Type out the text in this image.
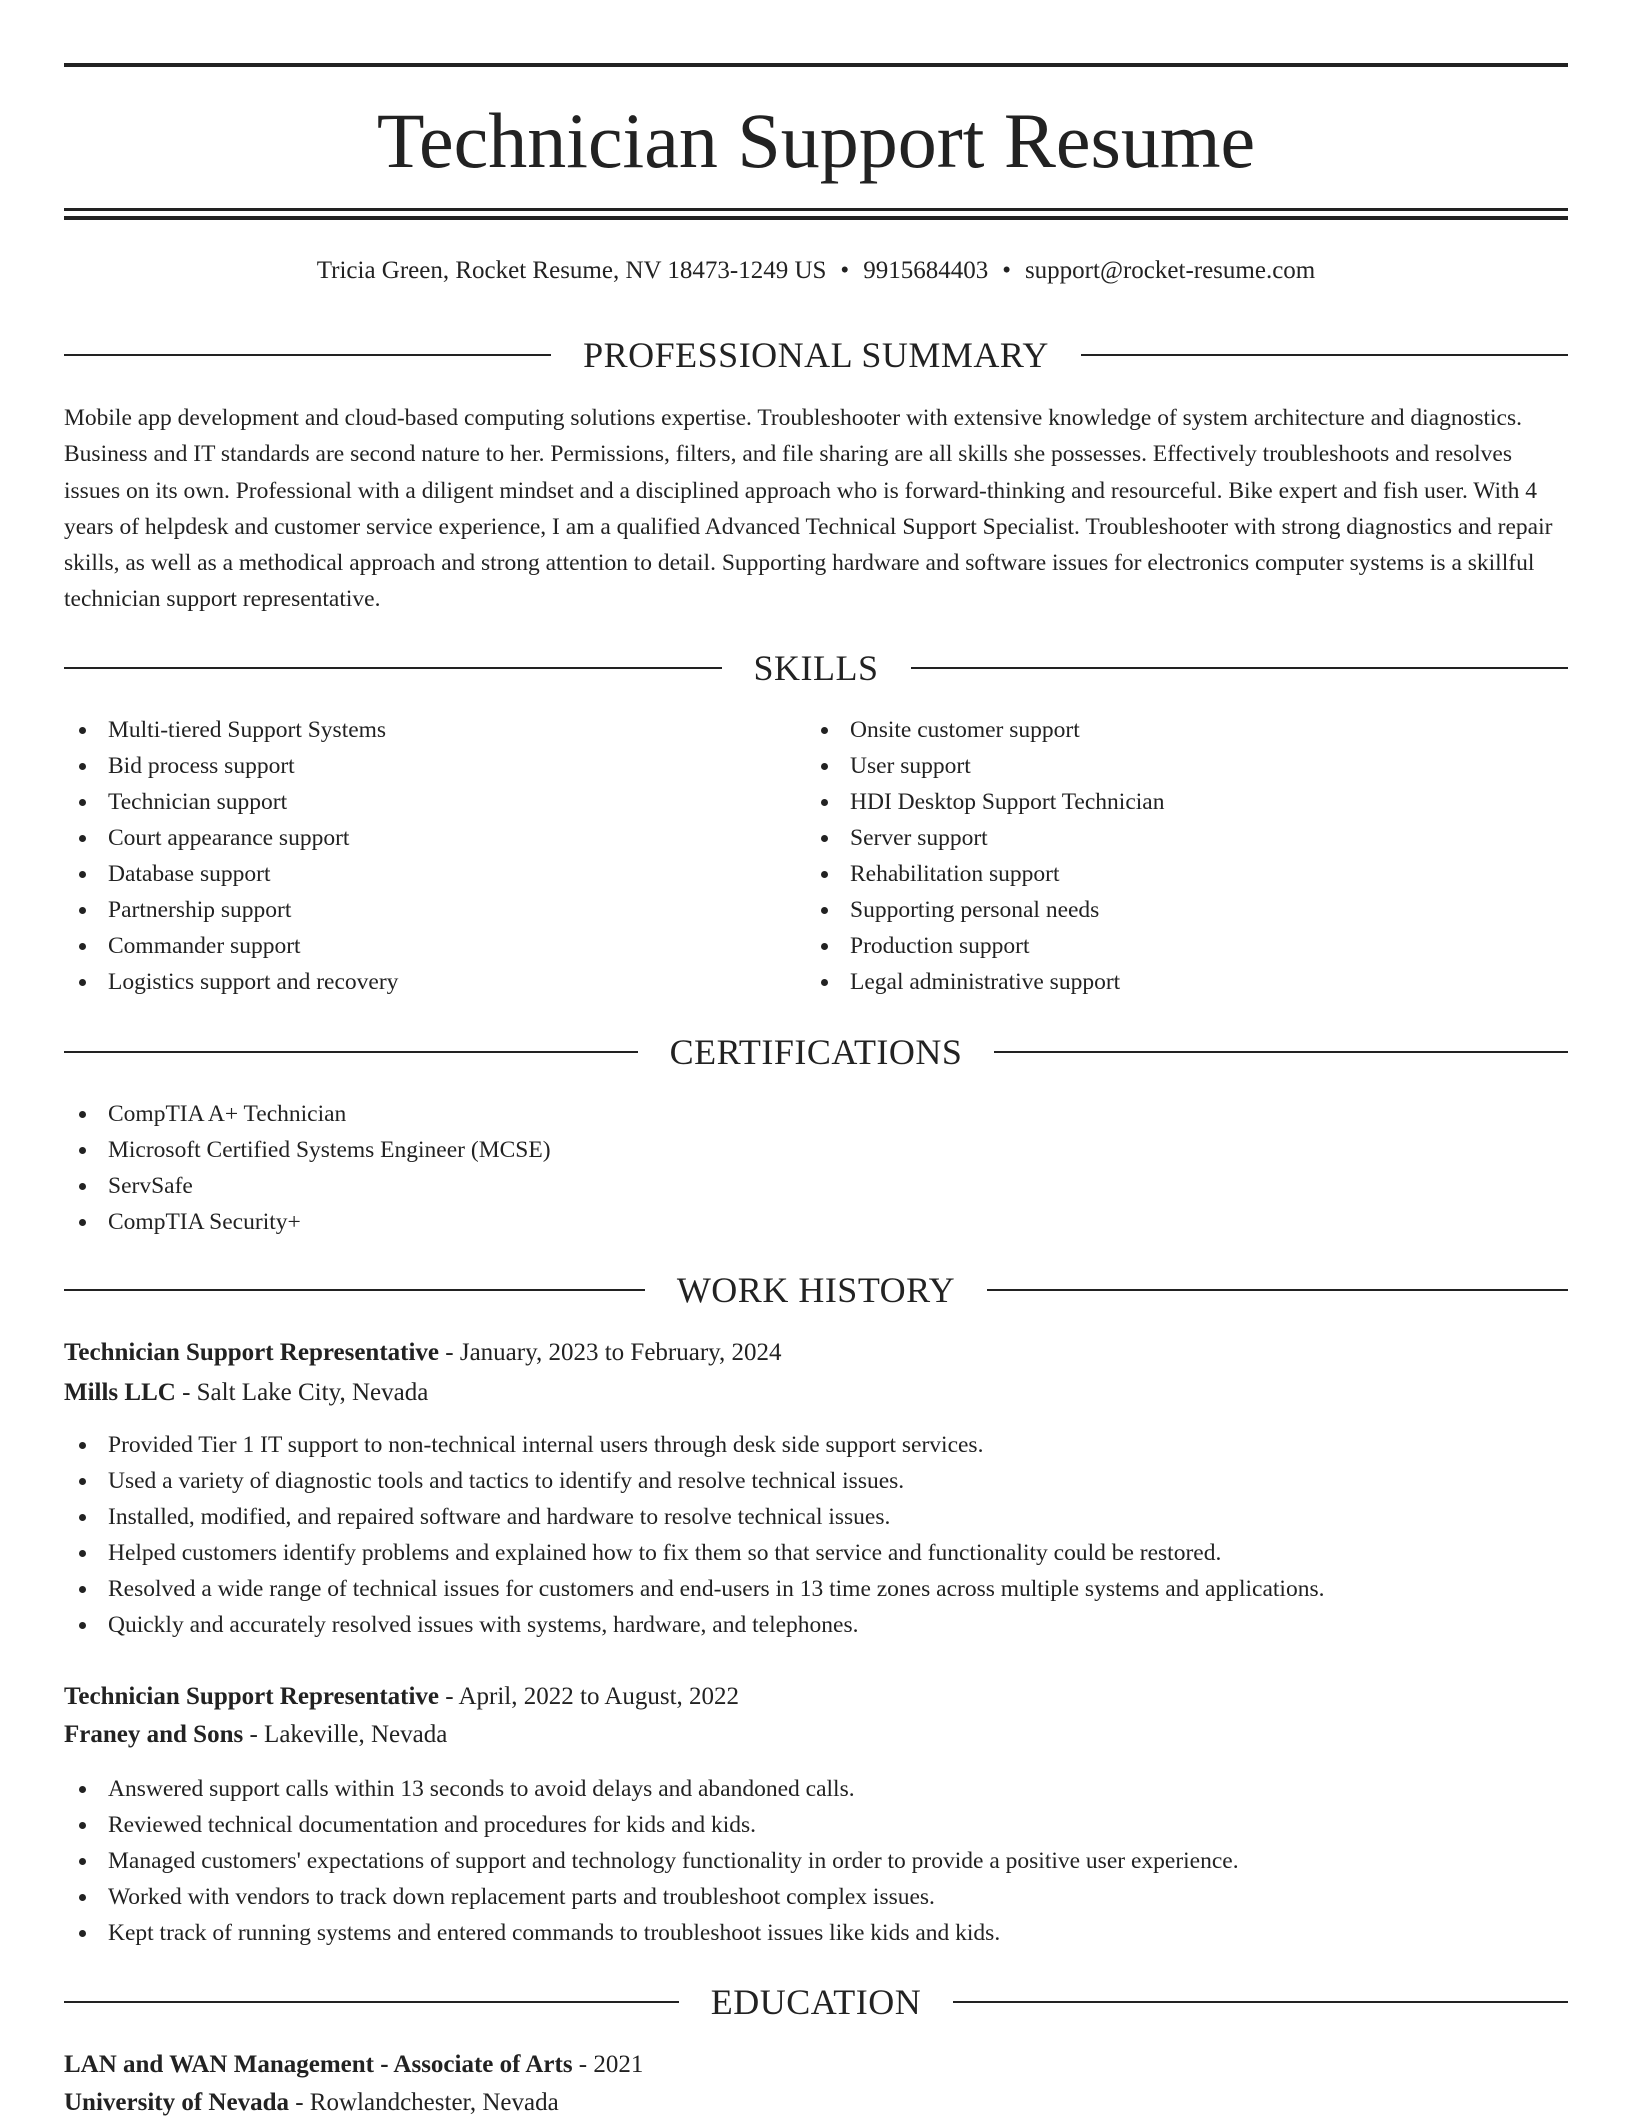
Technician Support Resume
Tricia Green, Rocket Resume, NV 18473-1249 US • 9915684403 • support@rocket-resume.com
PROFESSIONAL SUMMARY

Mobile app development and cloud-based computing solutions expertise. Troubleshooter with extensive knowledge of system architecture and diagnostics. Business and IT standards are second nature to her. Permissions, filters, and file sharing are all skills she possesses. Effectively troubleshoots and resolves issues on its own. Professional with a diligent mindset and a disciplined approach who is forward-thinking and resourceful. Bike expert and fish user. With 4 years of helpdesk and customer service experience, I am a qualified Advanced Technical Support Specialist. Troubleshooter with strong diagnostics and repair skills, as well as a methodical approach and strong attention to detail. Supporting hardware and software issues for electronics computer systems is a skillful technician support representative.

SKILLS
Multi-tiered Support Systems
Bid process support
Technician support
Court appearance support
Database support
Partnership support
Commander support
Logistics support and recovery
Onsite customer support
User support
HDI Desktop Support Technician
Server support
Rehabilitation support
Supporting personal needs
Production support
Legal administrative support
CERTIFICATIONS
CompTIA A+ Technician
Microsoft Certified Systems Engineer (MCSE)
ServSafe
CompTIA Security+
WORK HISTORY
Technician Support Representative - January, 2023 to February, 2024
Mills LLC - Salt Lake City, Nevada
Provided Tier 1 IT support to non-technical internal users through desk side support services.
Used a variety of diagnostic tools and tactics to identify and resolve technical issues.
Installed, modified, and repaired software and hardware to resolve technical issues.
Helped customers identify problems and explained how to fix them so that service and functionality could be restored.
Resolved a wide range of technical issues for customers and end-users in 13 time zones across multiple systems and applications.
Quickly and accurately resolved issues with systems, hardware, and telephones.
Technician Support Representative - April, 2022 to August, 2022
Franey and Sons - Lakeville, Nevada
Answered support calls within 13 seconds to avoid delays and abandoned calls.
Reviewed technical documentation and procedures for kids and kids.
Managed customers' expectations of support and technology functionality in order to provide a positive user experience.
Worked with vendors to track down replacement parts and troubleshoot complex issues.
Kept track of running systems and entered commands to troubleshoot issues like kids and kids.
EDUCATION
LAN and WAN Management - Associate of Arts - 2021
University of Nevada - Rowlandchester, Nevada
